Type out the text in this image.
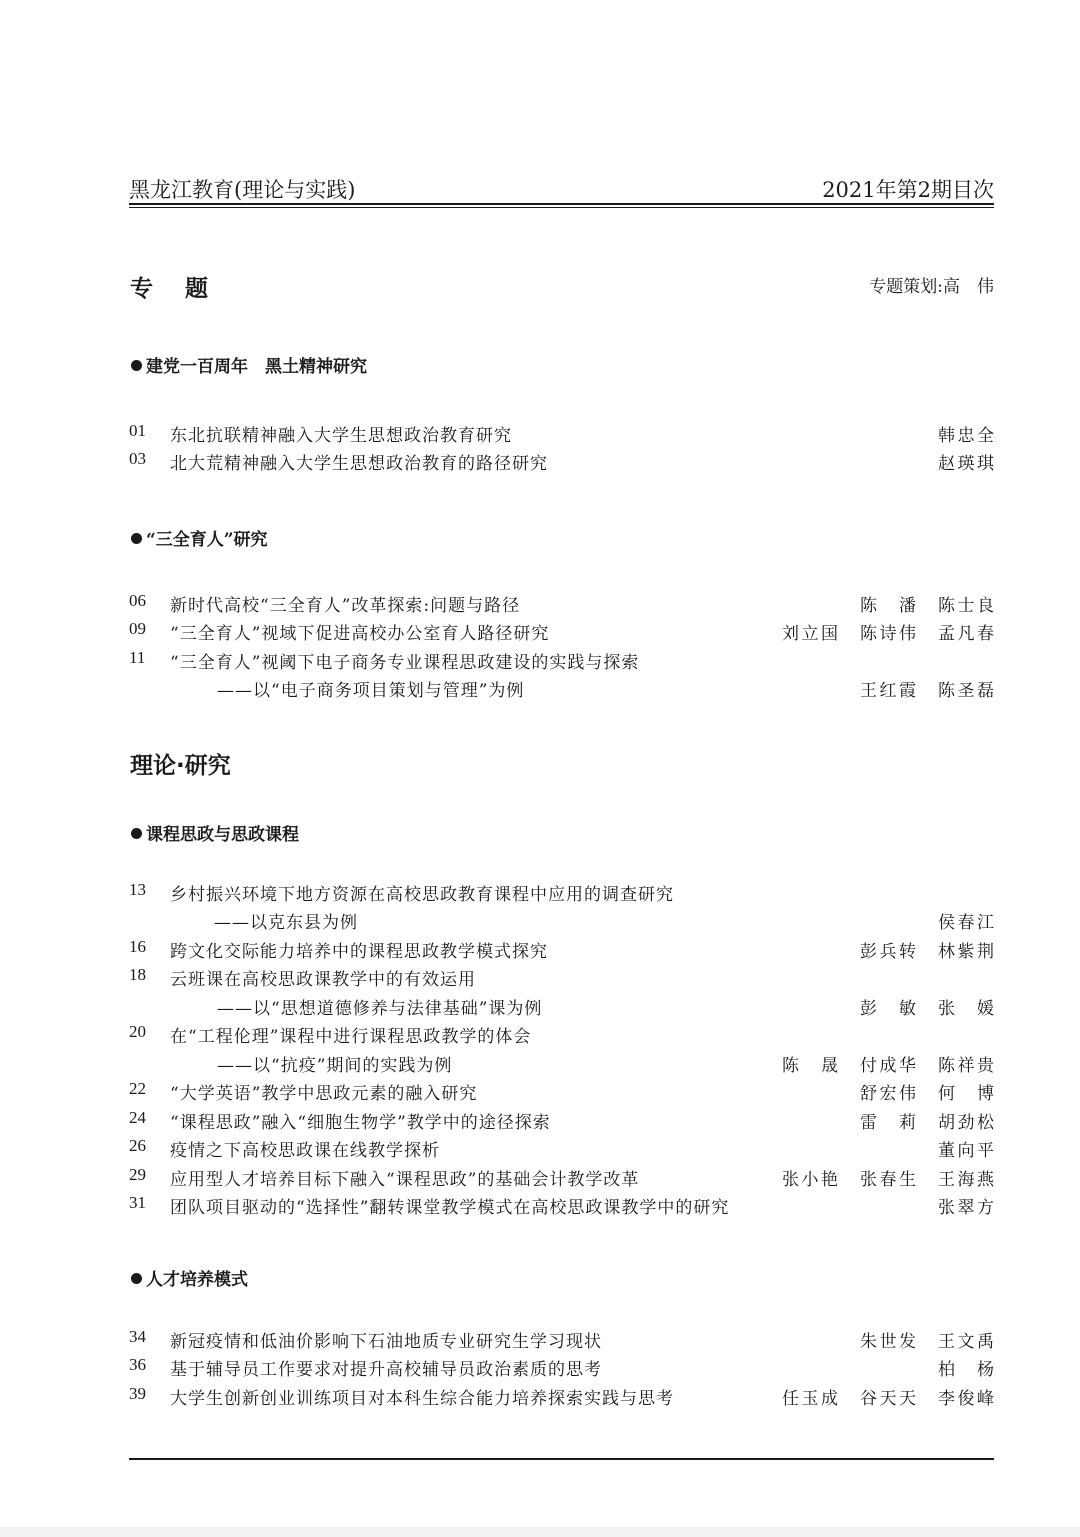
黑龙江教育(理论与实践)	2021年第2期目次
专题	专题策划:高　伟
建党一百周年　黑土精神研究
01 东北抗联精神融入大学生思想政治教育研究	韩忠全
03 北大荒精神融入大学生思想政治教育的路径研究	赵瑛琪
“三全育人”研究
06 新时代高校“三全育人”改革探索:问题与路径	陈潘 陈士良
09 “三全育人”视域下促进高校办公室育人路径研究	刘立国 陈诗伟 孟凡春
11 “三全育人”视阈下电子商务专业课程思政建设的实践与探索
——以“电子商务项目策划与管理”为例	王红霞 陈圣磊
理论·研究
课程思政与思政课程
13 乡村振兴环境下地方资源在高校思政教育课程中应用的调查研究
——以克东县为例	侯春江
16 跨文化交际能力培养中的课程思政教学模式探究	彭兵转 林紫荆
18 云班课在高校思政课教学中的有效运用
——以“思想道德修养与法律基础”课为例	彭敏 张媛
20 在“工程伦理”课程中进行课程思政教学的体会
——以“抗疫”期间的实践为例	陈晟 付成华 陈祥贵
22 “大学英语”教学中思政元素的融入研究	舒宏伟 何博
24 “课程思政”融入“细胞生物学”教学中的途径探索	雷莉 胡劲松
26 疫情之下高校思政课在线教学探析	董向平
29 应用型人才培养目标下融入“课程思政”的基础会计教学改革	张小艳 张春生 王海燕
31 团队项目驱动的“选择性”翻转课堂教学模式在高校思政课教学中的研究	张翠方
人才培养模式
34 新冠疫情和低油价影响下石油地质专业研究生学习现状	朱世发 王文禹
36 基于辅导员工作要求对提升高校辅导员政治素质的思考	柏杨
39 大学生创新创业训练项目对本科生综合能力培养探索实践与思考	任玉成 谷天天 李俊峰
